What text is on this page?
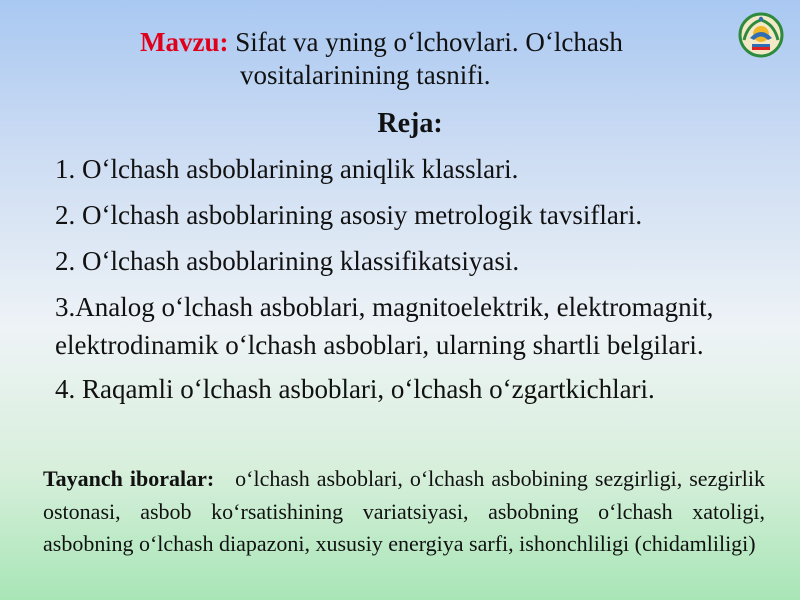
Mavzu: Sifat va yning o‘lchovlari. O‘lchash
vositalarinining tasnifi.
Reja:
1. O‘lchash asboblarining aniqlik klasslari.
2. O‘lchash asboblarining asosiy metrologik tavsiflari.
2. O‘lchash asboblarining klassifikatsiyasi.
3.Analog o‘lchash asboblari, magnitoelektrik, elektromagnit, elektrodinamik o‘lchash asboblari, ularning shartli belgilari.
4. Raqamli o‘lchash asboblari, o‘lchash o‘zgartkichlari.
Tayanch iboralar: o‘lchash asboblari, o‘lchash asbobining sezgirligi, sezgirlik ostonasi, asbob ko‘rsatishining variatsiyasi, asbobning o‘lchash xatoligi, asbobning o‘lchash diapazoni, xususiy energiya sarfi, ishonchliligi (chidamliligi)
